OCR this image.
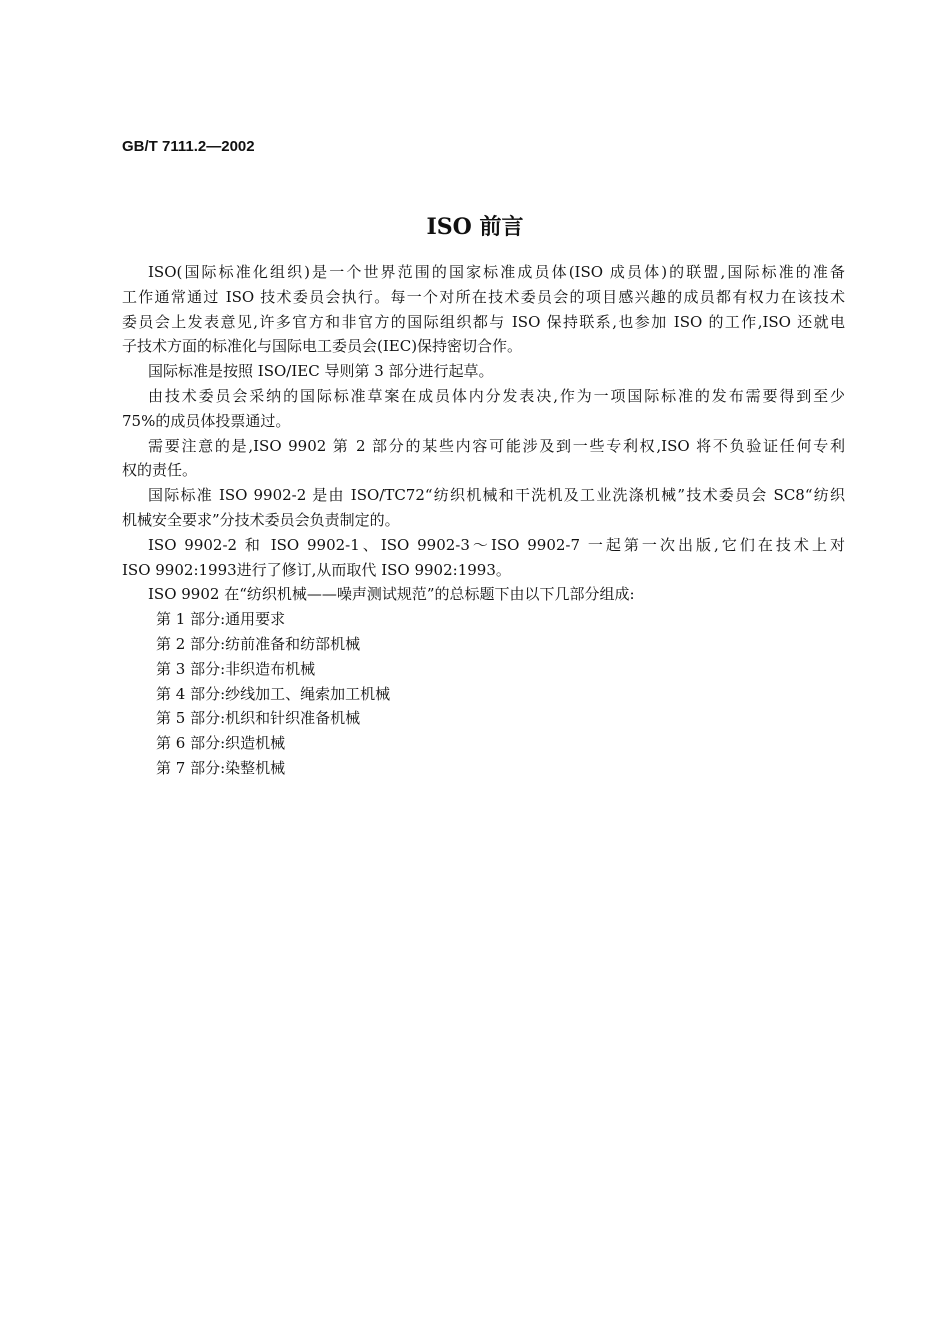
GB/T 7111.2—2002
ISO 前言
ISO(国际标准化组织)是一个世界范围的国家标准成员体(ISO 成员体)的联盟,国际标准的准备
工作通常通过 ISO 技术委员会执行。每一个对所在技术委员会的项目感兴趣的成员都有权力在该技术
委员会上发表意见,许多官方和非官方的国际组织都与 ISO 保持联系,也参加 ISO 的工作,ISO 还就电
子技术方面的标准化与国际电工委员会(IEC)保持密切合作。
国际标准是按照 ISO/IEC 导则第 3 部分进行起草。
由技术委员会采纳的国际标准草案在成员体内分发表决,作为一项国际标准的发布需要得到至少
75%的成员体投票通过。
需要注意的是,ISO 9902 第 2 部分的某些内容可能涉及到一些专利权,ISO 将不负验证任何专利
权的责任。
国际标准 ISO 9902-2 是由 ISO/TC72“纺织机械和干洗机及工业洗涤机械”技术委员会 SC8“纺织
机械安全要求”分技术委员会负责制定的。
ISO 9902-2 和 ISO 9902-1、ISO 9902-3～ISO 9902-7 一起第一次出版,它们在技术上对
ISO 9902:1993进行了修订,从而取代 ISO 9902:1993。
ISO 9902 在“纺织机械——噪声测试规范”的总标题下由以下几部分组成:
第 1 部分:通用要求
第 2 部分:纺前准备和纺部机械
第 3 部分:非织造布机械
第 4 部分:纱线加工、绳索加工机械
第 5 部分:机织和针织准备机械
第 6 部分:织造机械
第 7 部分:染整机械
